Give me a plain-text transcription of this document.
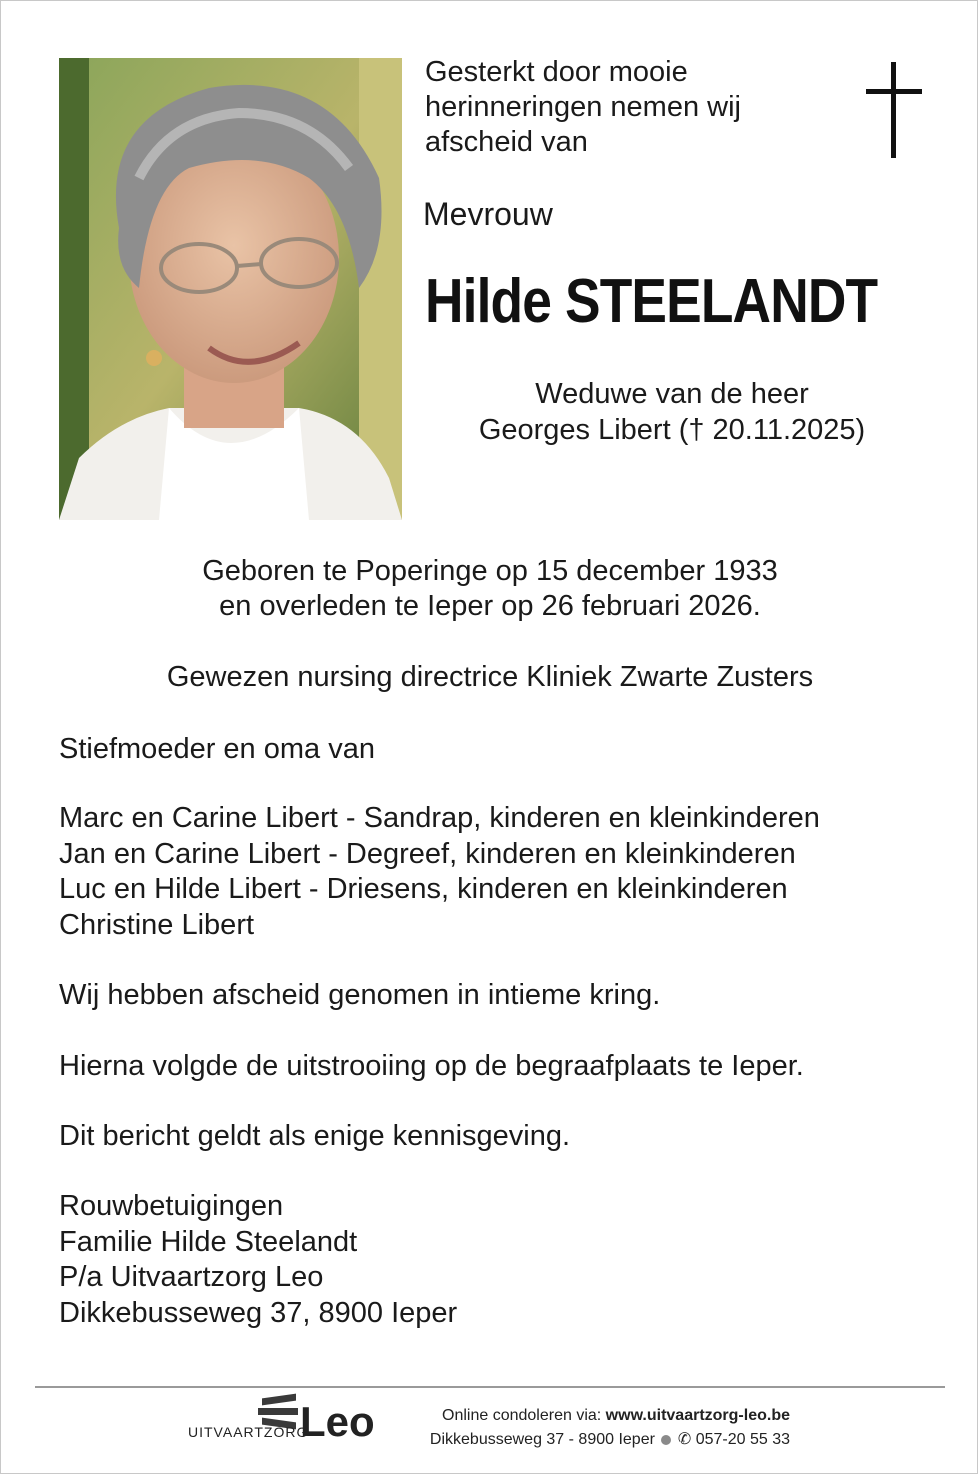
Gesterkt door mooie
herinneringen nemen wij
afscheid van
Mevrouw
Hilde STEELANDT
Weduwe van de heer
Georges Libert († 20.11.2025)
Geboren te Poperinge op 15 december 1933
en overleden te Ieper op 26 februari 2026.
Gewezen nursing directrice Kliniek Zwarte Zusters
Stiefmoeder en oma van
Marc en Carine Libert - Sandrap, kinderen en kleinkinderen
Jan en Carine Libert - Degreef, kinderen en kleinkinderen
Luc en Hilde Libert - Driesens, kinderen en kleinkinderen
Christine Libert
Wij hebben afscheid genomen in intieme kring.
Hierna volgde de uitstrooiing op de begraafplaats te Ieper.
Dit bericht geldt als enige kennisgeving.
Rouwbetuigingen
Familie Hilde Steelandt
P/a Uitvaartzorg Leo
Dikkebusseweg 37, 8900 Ieper
UITVAARTZORG
Leo	Online condoleren via: www.uitvaartzorg-leo.be
Dikkebusseweg 37 - 8900 Ieper ✆ 057-20 55 33
